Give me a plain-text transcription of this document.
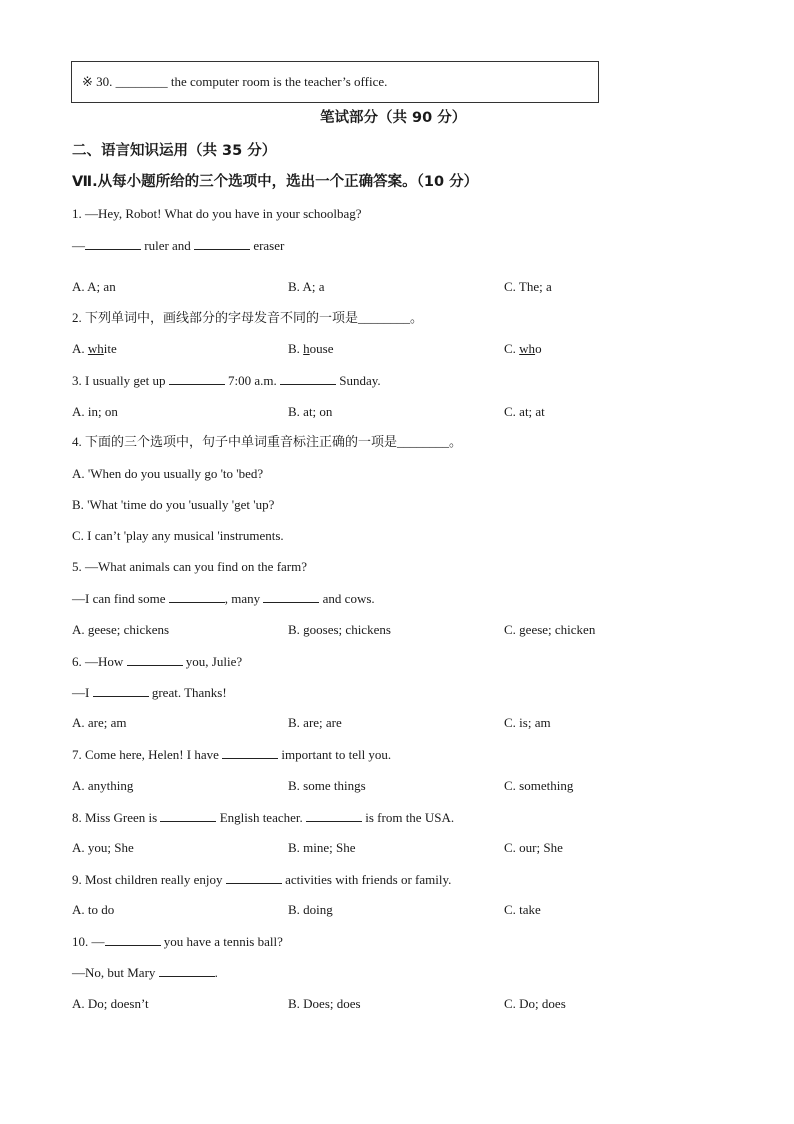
※ 30. ________ the computer room is the teacher’s office.
笔试部分（共 90 分）
二、语言知识运用（共 35 分）
Ⅶ.从每小题所给的三个选项中，选出一个正确答案。（10 分）
1. —Hey, Robot! What do you have in your schoolbag?
—	ruler and	eraser
A. A; an	B. A; a	C. The; a
2. 下列单词中，画线部分的字母发音不同的一项是________。
A. white	B. house	C. who
3. I usually get up	7:00 a.m.	Sunday.
A. in; on	B. at; on	C. at; at
4. 下面的三个选项中，句子中单词重音标注正确的一项是________。
A. 'When do you usually go 'to 'bed?
B. 'What 'time do you 'usually 'get 'up?
C. I can’t 'play any musical 'instruments.
5. —What animals can you find on the farm?
—I can find some	, many	and cows.
A. geese; chickens	B. gooses; chickens	C. geese; chicken
6. —How	you, Julie?
—I	great. Thanks!
A. are; am	B. are; are	C. is; am
7. Come here, Helen! I have	important to tell you.
A. anything	B. some things	C. something
8. Miss Green is	English teacher.	is from the USA.
A. you; She	B. mine; She	C. our; She
9. Most children really enjoy	activities with friends or family.
A. to do	B. doing	C. take
10. —	you have a tennis ball?
—No, but Mary	.
A. Do; doesn’t	B. Does; does	C. Do; does
